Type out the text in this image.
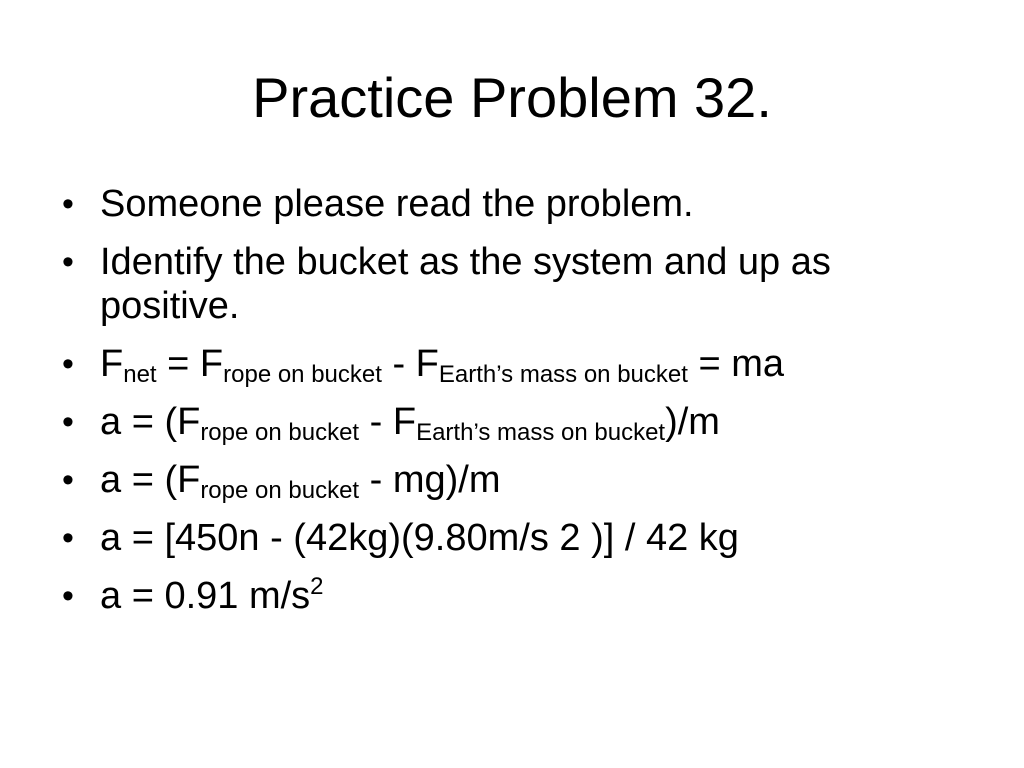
Practice Problem 32.
• Someone please read the problem.
• Identify the bucket as the system and up as positive.
• $F_{net} = F_{rope on bucket} - F_{Earth’s mass on bucket}$ = ma
• $a = (F_{rope on bucket} - F_{Earth’s mass on bucket})/m$
• $a = (F_{rope on bucket} - mg)/m$
• a = [450n - (42kg)(9.80m/s 2 )] / 42 kg
• a = 0.91 $m/s^2$
